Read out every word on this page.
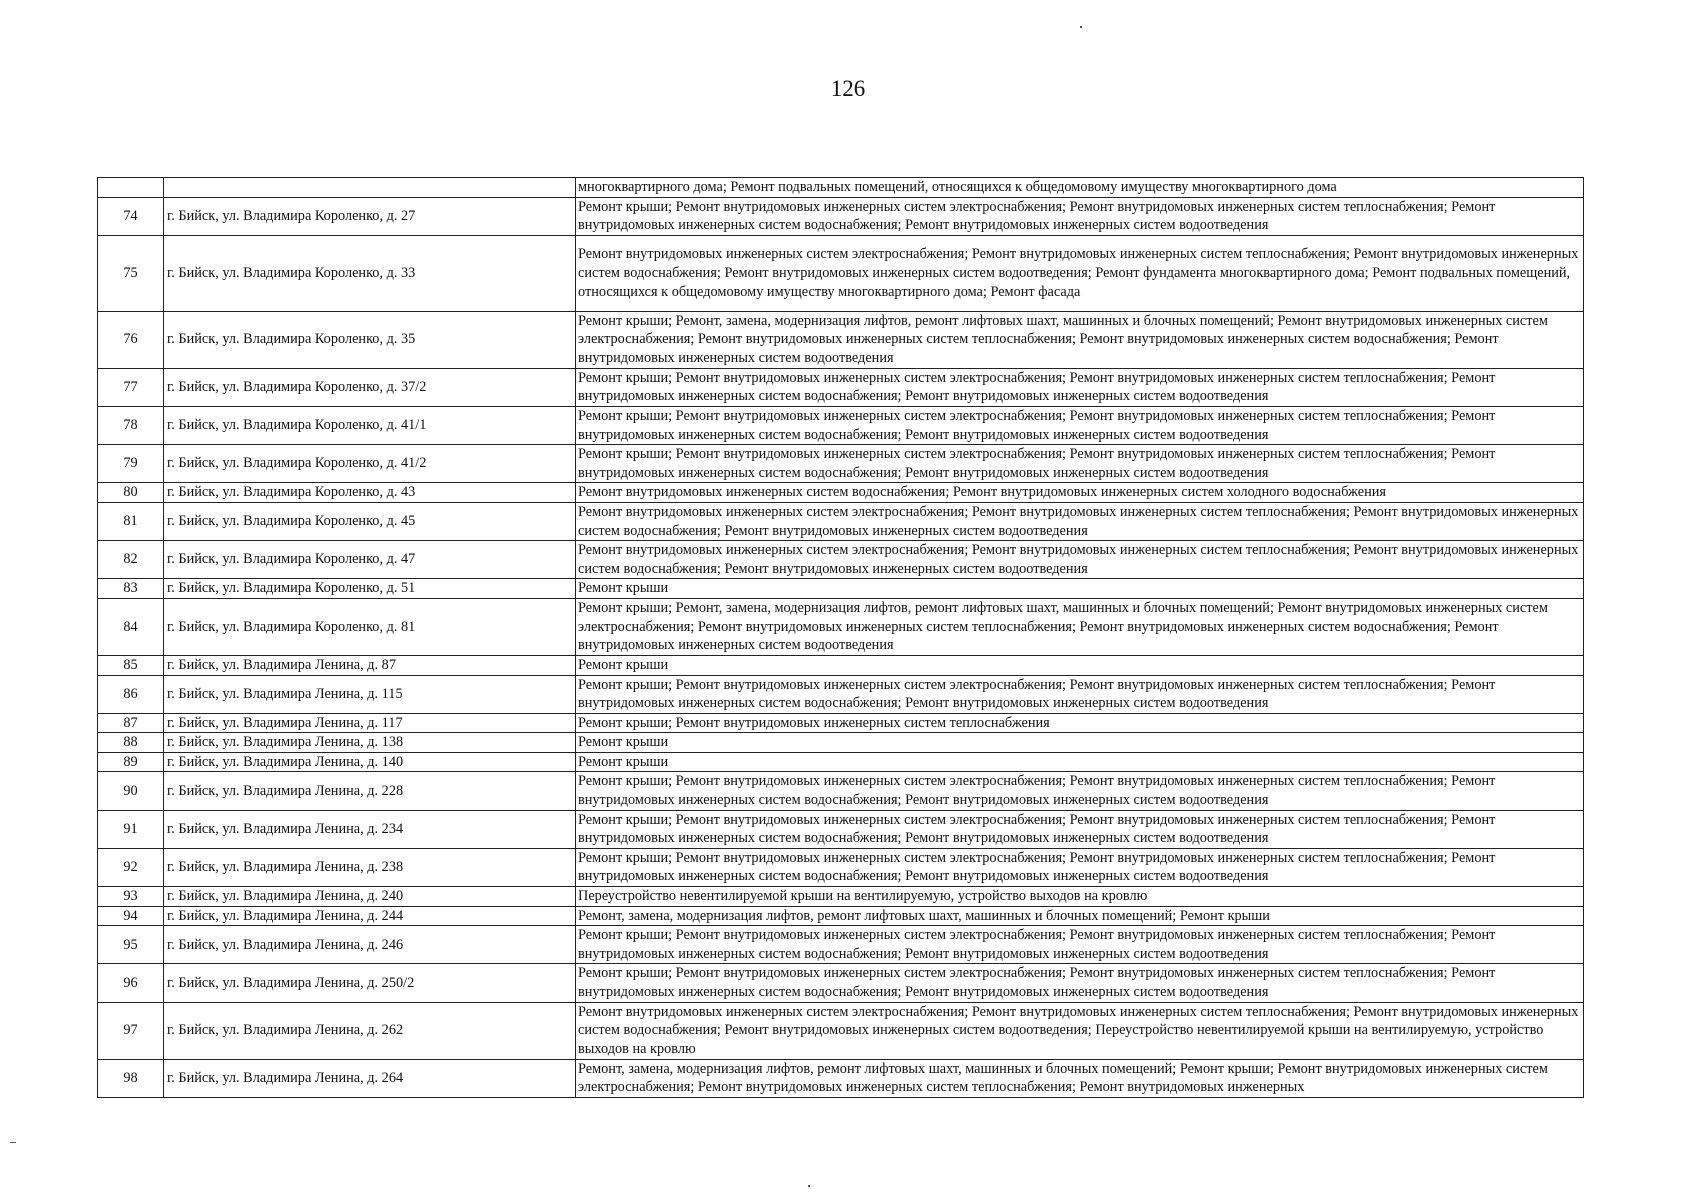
126
		многоквартирного дома; Ремонт подвальных помещений, относящихся к общедомовому имуществу многоквартирного дома
74	г. Бийск, ул. Владимира Короленко, д. 27	Ремонт крыши; Ремонт внутридомовых инженерных систем электроснабжения; Ремонт внутридомовых инженерных систем теплоснабжения; Ремонт внутридомовых инженерных систем водоснабжения; Ремонт внутридомовых инженерных систем водоотведения
75	г. Бийск, ул. Владимира Короленко, д. 33	Ремонт внутридомовых инженерных систем электроснабжения; Ремонт внутридомовых инженерных систем теплоснабжения; Ремонт внутридомовых инженерных систем водоснабжения; Ремонт внутридомовых инженерных систем водоотведения; Ремонт фундамента многоквартирного дома; Ремонт подвальных помещений, относящихся к общедомовому имуществу многоквартирного дома; Ремонт фасада
76	г. Бийск, ул. Владимира Короленко, д. 35	Ремонт крыши; Ремонт, замена, модернизация лифтов, ремонт лифтовых шахт, машинных и блочных помещений; Ремонт внутридомовых инженерных систем электроснабжения; Ремонт внутридомовых инженерных систем теплоснабжения; Ремонт внутридомовых инженерных систем водоснабжения; Ремонт внутридомовых инженерных систем водоотведения
77	г. Бийск, ул. Владимира Короленко, д. 37/2	Ремонт крыши; Ремонт внутридомовых инженерных систем электроснабжения; Ремонт внутридомовых инженерных систем теплоснабжения; Ремонт внутридомовых инженерных систем водоснабжения; Ремонт внутридомовых инженерных систем водоотведения
78	г. Бийск, ул. Владимира Короленко, д. 41/1	Ремонт крыши; Ремонт внутридомовых инженерных систем электроснабжения; Ремонт внутридомовых инженерных систем теплоснабжения; Ремонт внутридомовых инженерных систем водоснабжения; Ремонт внутридомовых инженерных систем водоотведения
79	г. Бийск, ул. Владимира Короленко, д. 41/2	Ремонт крыши; Ремонт внутридомовых инженерных систем электроснабжения; Ремонт внутридомовых инженерных систем теплоснабжения; Ремонт внутридомовых инженерных систем водоснабжения; Ремонт внутридомовых инженерных систем водоотведения
80	г. Бийск, ул. Владимира Короленко, д. 43	Ремонт внутридомовых инженерных систем водоснабжения; Ремонт внутридомовых инженерных систем холодного водоснабжения
81	г. Бийск, ул. Владимира Короленко, д. 45	Ремонт внутридомовых инженерных систем электроснабжения; Ремонт внутридомовых инженерных систем теплоснабжения; Ремонт внутридомовых инженерных систем водоснабжения; Ремонт внутридомовых инженерных систем водоотведения
82	г. Бийск, ул. Владимира Короленко, д. 47	Ремонт внутридомовых инженерных систем электроснабжения; Ремонт внутридомовых инженерных систем теплоснабжения; Ремонт внутридомовых инженерных систем водоснабжения; Ремонт внутридомовых инженерных систем водоотведения
83	г. Бийск, ул. Владимира Короленко, д. 51	Ремонт крыши
84	г. Бийск, ул. Владимира Короленко, д. 81	Ремонт крыши; Ремонт, замена, модернизация лифтов, ремонт лифтовых шахт, машинных и блочных помещений; Ремонт внутридомовых инженерных систем электроснабжения; Ремонт внутридомовых инженерных систем теплоснабжения; Ремонт внутридомовых инженерных систем водоснабжения; Ремонт внутридомовых инженерных систем водоотведения
85	г. Бийск, ул. Владимира Ленина, д. 87	Ремонт крыши
86	г. Бийск, ул. Владимира Ленина, д. 115	Ремонт крыши; Ремонт внутридомовых инженерных систем электроснабжения; Ремонт внутридомовых инженерных систем теплоснабжения; Ремонт внутридомовых инженерных систем водоснабжения; Ремонт внутридомовых инженерных систем водоотведения
87	г. Бийск, ул. Владимира Ленина, д. 117	Ремонт крыши; Ремонт внутридомовых инженерных систем теплоснабжения
88	г. Бийск, ул. Владимира Ленина, д. 138	Ремонт крыши
89	г. Бийск, ул. Владимира Ленина, д. 140	Ремонт крыши
90	г. Бийск, ул. Владимира Ленина, д. 228	Ремонт крыши; Ремонт внутридомовых инженерных систем электроснабжения; Ремонт внутридомовых инженерных систем теплоснабжения; Ремонт внутридомовых инженерных систем водоснабжения; Ремонт внутридомовых инженерных систем водоотведения
91	г. Бийск, ул. Владимира Ленина, д. 234	Ремонт крыши; Ремонт внутридомовых инженерных систем электроснабжения; Ремонт внутридомовых инженерных систем теплоснабжения; Ремонт внутридомовых инженерных систем водоснабжения; Ремонт внутридомовых инженерных систем водоотведения
92	г. Бийск, ул. Владимира Ленина, д. 238	Ремонт крыши; Ремонт внутридомовых инженерных систем электроснабжения; Ремонт внутридомовых инженерных систем теплоснабжения; Ремонт внутридомовых инженерных систем водоснабжения; Ремонт внутридомовых инженерных систем водоотведения
93	г. Бийск, ул. Владимира Ленина, д. 240	Переустройство невентилируемой крыши на вентилируемую, устройство выходов на кровлю
94	г. Бийск, ул. Владимира Ленина, д. 244	Ремонт, замена, модернизация лифтов, ремонт лифтовых шахт, машинных и блочных помещений; Ремонт крыши
95	г. Бийск, ул. Владимира Ленина, д. 246	Ремонт крыши; Ремонт внутридомовых инженерных систем электроснабжения; Ремонт внутридомовых инженерных систем теплоснабжения; Ремонт внутридомовых инженерных систем водоснабжения; Ремонт внутридомовых инженерных систем водоотведения
96	г. Бийск, ул. Владимира Ленина, д. 250/2	Ремонт крыши; Ремонт внутридомовых инженерных систем электроснабжения; Ремонт внутридомовых инженерных систем теплоснабжения; Ремонт внутридомовых инженерных систем водоснабжения; Ремонт внутридомовых инженерных систем водоотведения
97	г. Бийск, ул. Владимира Ленина, д. 262	Ремонт внутридомовых инженерных систем электроснабжения; Ремонт внутридомовых инженерных систем теплоснабжения; Ремонт внутридомовых инженерных систем водоснабжения; Ремонт внутридомовых инженерных систем водоотведения; Переустройство невентилируемой крыши на вентилируемую, устройство выходов на кровлю
98	г. Бийск, ул. Владимира Ленина, д. 264	Ремонт, замена, модернизация лифтов, ремонт лифтовых шахт, машинных и блочных помещений; Ремонт крыши; Ремонт внутридомовых инженерных систем электроснабжения; Ремонт внутридомовых инженерных систем теплоснабжения; Ремонт внутридомовых инженерных
